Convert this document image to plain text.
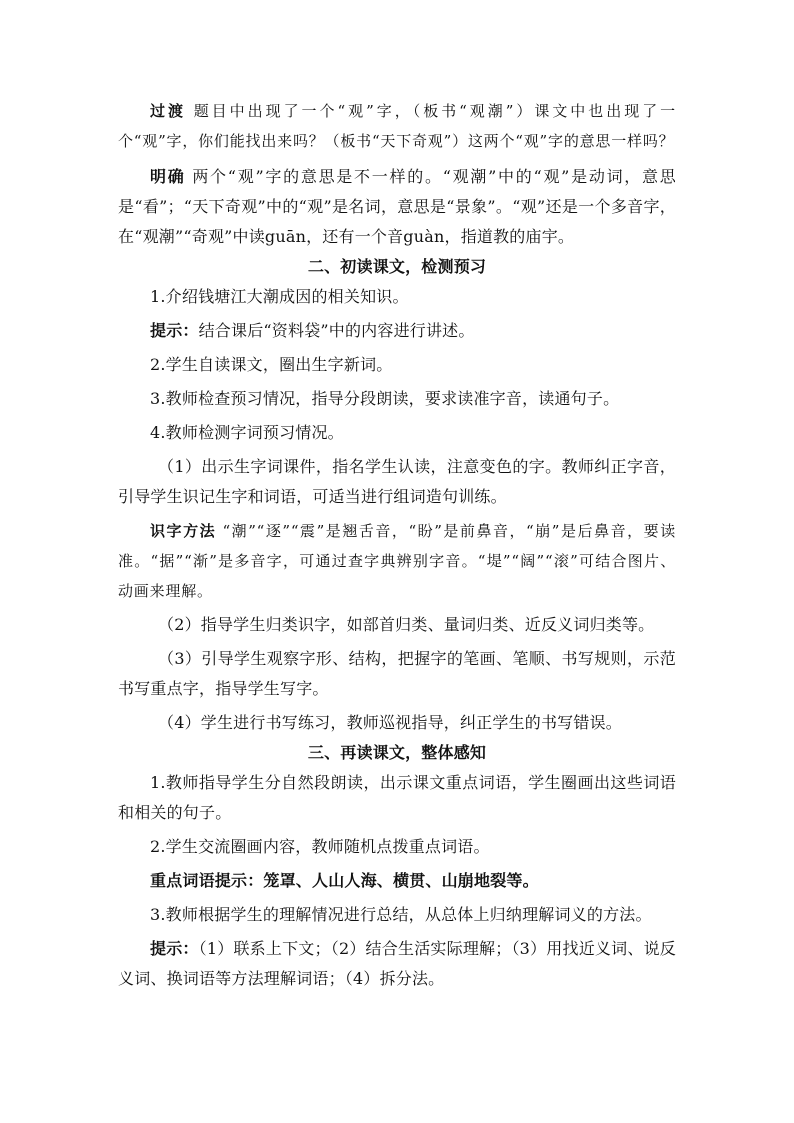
过渡 题目中出现了一个“观”字，（板书“观潮”）课文中也出现了一个“观”字，你们能找出来吗？（板书“天下奇观”）这两个“观”字的意思一样吗？

明确 两个“观”字的意思是不一样的。“观潮”中的“观”是动词，意思是“看”；“天下奇观”中的“观”是名词，意思是“景象”。“观”还是一个多音字，在“观潮”“奇观”中读guān，还有一个音guàn，指道教的庙宇。

二、初读课文，检测预习

1.介绍钱塘江大潮成因的相关知识。

提示：结合课后“资料袋”中的内容进行讲述。

2.学生自读课文，圈出生字新词。

3.教师检查预习情况，指导分段朗读，要求读准字音，读通句子。

4.教师检测字词预习情况。

（1）出示生字词课件，指名学生认读，注意变色的字。教师纠正字音，引导学生识记生字和词语，可适当进行组词造句训练。

识字方法 “潮”“逐”“震”是翘舌音，“盼”是前鼻音，“崩”是后鼻音，要读准。“据”“渐”是多音字，可通过查字典辨别字音。“堤”“阔”“滚”可结合图片、动画来理解。

（2）指导学生归类识字，如部首归类、量词归类、近反义词归类等。

（3）引导学生观察字形、结构，把握字的笔画、笔顺、书写规则，示范书写重点字，指导学生写字。

（4）学生进行书写练习，教师巡视指导，纠正学生的书写错误。

三、再读课文，整体感知

1.教师指导学生分自然段朗读，出示课文重点词语，学生圈画出这些词语和相关的句子。

2.学生交流圈画内容，教师随机点拨重点词语。

重点词语提示：笼罩、人山人海、横贯、山崩地裂等。

3.教师根据学生的理解情况进行总结，从总体上归纳理解词义的方法。

提示：（1）联系上下文；（2）结合生活实际理解；（3）用找近义词、说反义词、换词语等方法理解词语；（4）拆分法。
